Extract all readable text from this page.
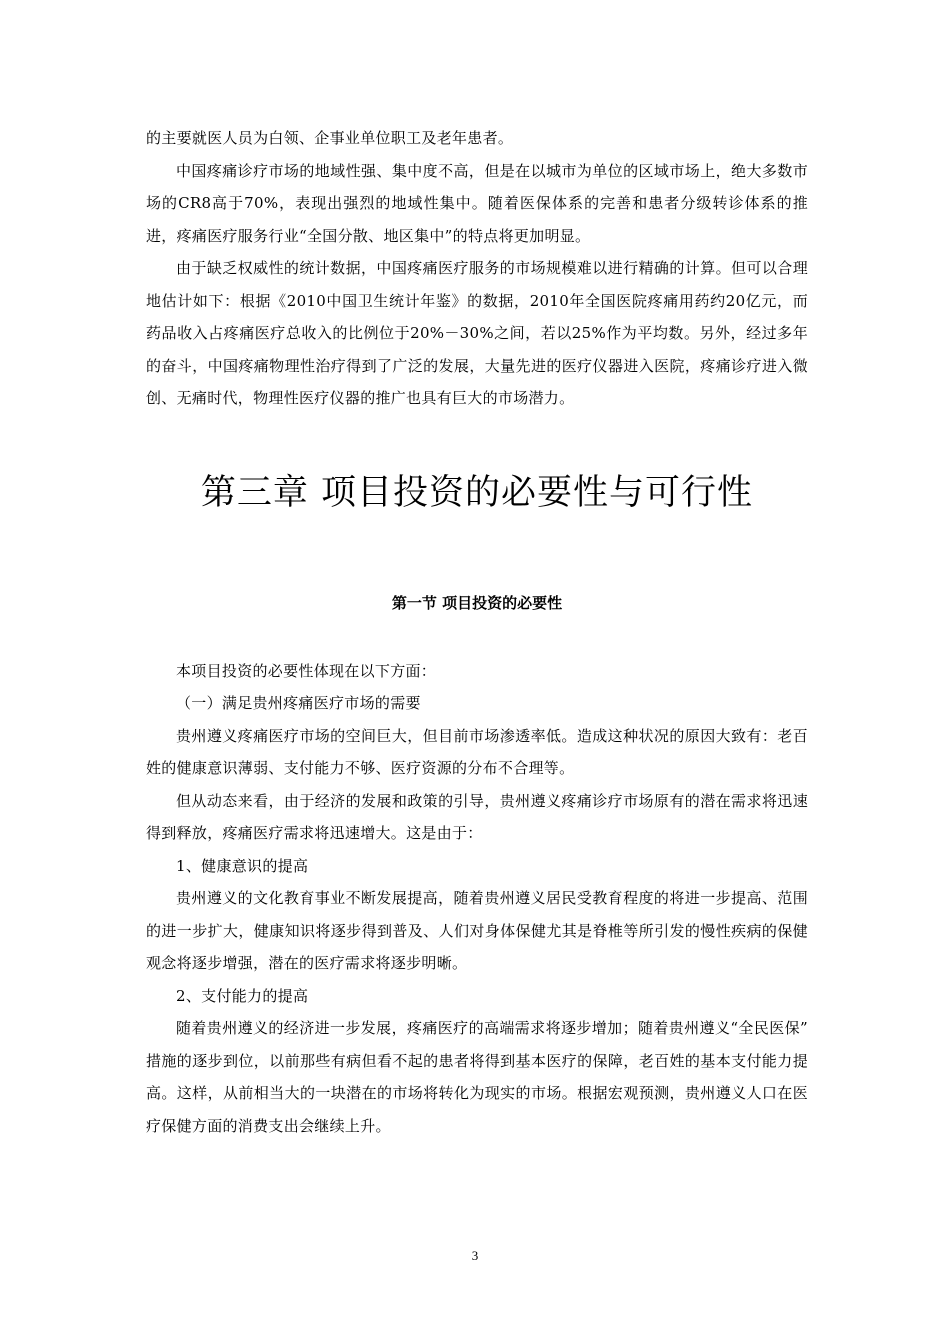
的主要就医人员为白领、企事业单位职工及老年患者。

中国疼痛诊疗市场的地域性强、集中度不高，但是在以城市为单位的区域市场上，绝大多数市场的CR8高于70%，表现出强烈的地域性集中。随着医保体系的完善和患者分级转诊体系的推进，疼痛医疗服务行业“全国分散、地区集中”的特点将更加明显。

由于缺乏权威性的统计数据，中国疼痛医疗服务的市场规模难以进行精确的计算。但可以合理地估计如下：根据《2010中国卫生统计年鉴》的数据，2010年全国医院疼痛用药约20亿元，而药品收入占疼痛医疗总收入的比例位于20%－30%之间，若以25%作为平均数。另外，经过多年的奋斗，中国疼痛物理性治疗得到了广泛的发展，大量先进的医疗仪器进入医院，疼痛诊疗进入微创、无痛时代，物理性医疗仪器的推广也具有巨大的市场潜力。

第三章 项目投资的必要性与可行性
第一节 项目投资的必要性

本项目投资的必要性体现在以下方面：

（一）满足贵州疼痛医疗市场的需要

贵州遵义疼痛医疗市场的空间巨大，但目前市场渗透率低。造成这种状况的原因大致有：老百姓的健康意识薄弱、支付能力不够、医疗资源的分布不合理等。

但从动态来看，由于经济的发展和政策的引导，贵州遵义疼痛诊疗市场原有的潜在需求将迅速得到释放，疼痛医疗需求将迅速增大。这是由于：

1、健康意识的提高

贵州遵义的文化教育事业不断发展提高，随着贵州遵义居民受教育程度的将进一步提高、范围的进一步扩大，健康知识将逐步得到普及、人们对身体保健尤其是脊椎等所引发的慢性疾病的保健观念将逐步增强，潜在的医疗需求将逐步明晰。

2、支付能力的提高

随着贵州遵义的经济进一步发展，疼痛医疗的高端需求将逐步增加；随着贵州遵义“全民医保” 措施的逐步到位，以前那些有病但看不起的患者将得到基本医疗的保障，老百姓的基本支付能力提高。这样，从前相当大的一块潜在的市场将转化为现实的市场。根据宏观预测，贵州遵义人口在医疗保健方面的消费支出会继续上升。

3
